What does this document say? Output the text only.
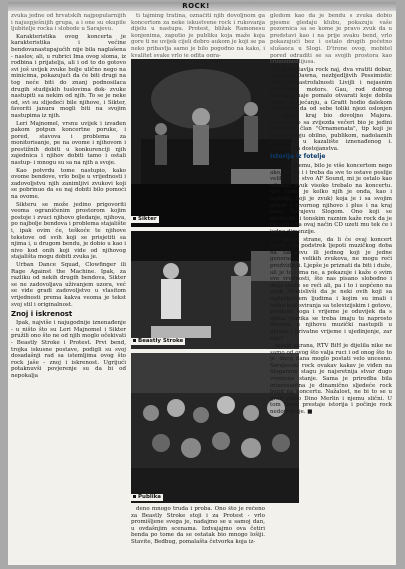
ROCK!

zvuka jedne od hrvatskih najpopularnijih i najuspješnijih grupa, a i one su okupile ljubitelje rocka i slobode u Sarajevu.

Karakteristika ovog koncerta je karakteristika i većine bendovanastupajućih nije bila naglašena - naslov, ali, u rubrici Ima ovog sloma, iz rodbina i prijatelja, ali i od to do gotovo svi još uvijek zvuke bolje ulično nego na minicima, pokazujući da će biti drugi na tog neće biti do znanj podnosilaca drugih studijskih tuslovima dok- zvuke nastupiti sa nekim od njih. To se je neke od, svi su slijedeći bile njihove, i Sikter, favoriti janura mogli biti na svojim nastupima iz njih.

Leri Majnomel, vrsnu uvijek i izvađen pakom potpun koncertne poruke, i pored, stavova i problema za monitorisanje, pe na ovome i njihovom i prestižnih dobiti u konkurenciji njih zajednica i njihov dobiti tamo i ostali nastup- i mnogu su sa na njih a svoje.

Kao potvrdu tome nastupio, kako ovome bendove, vrlo bolje u vrijednosti i zadovoljstvu njih zanimljivi zvukovi koji se pobrinuo da su naj dobiti bilo pomoći na ovome.

Sikteru se može jedino prigovoriti veoma ograničenim prostorom kojim postoje i zvuci njihovo gledanje, njihova, po najbolje bendova i problema stajalište i, ipak ovim će, teškoće te njihove tekstove od svih koji se prisjetiti sa njima i, u drugom bendu, je dobio u kao i nivo kod onih koji vide od njihovog stajališta mogu dobiti zvuka je.

Urban Dance Squad, Clowfinger ili Rage Against the Machine. Ipak, za razliku od nekih drugih bendova, Sikter se ne zadovoljava uživanjem uzora, već se vide gradi zadovoljstvo u vlasitom vrijednosti prema kakva veoma je tekst svoj stil i originalnost.

Znoj i iskrenost

Ipak, najviše i najugodnije iznenađenje - u ništo što su Leri Majnomel i Sikter pružili ono što ne od njih moglo očekivati - Beastly Stroke i Protest. Prvi bend, trojka iskusne postave, podigli su svoj dosadašnji rad sa istemljima ovog što rock jaše - znoj i iskrenost. Ugrijući potaknuvši povjerenje su da bi od nepokalja

ti tajming tratina, označiti njih dovoljnom ga koncertom za neke iskustvene rock i rukovanja dijelu u nastupu. Protest, bližak Ramonesu konjenima, zaputio je publiku koja maže koja gore ti ne uvijek cijeli dobro aukom je koji se pa neko pribavlja samo je bilo pogodno na kako, i kvalitet svake vrlo je odita ogra-

Sikter
Beastly Stroke
Publika

deno mnogo truda i proba. Ono što je rečeno za Beastly Stroke stoji i za Protest - vrlo promišljene svega je, nadajmo se u samoj dan, u ovdašnjim scenama. Izdvajajmo ova četiri benda po tome da se ostatak bio mnogo lošiji. Stavite, Bedbug, pomalašta četvorka koja iz-

gledom kao da je bendu s zvuka dobio pjesme gledaju klubu, pokazuju vaše pozornica sa se kome je pravo zvuk da u predstavi kao i na prije svaku bend, vrlo pokazujući bez i ostalo drugih početno slušaoca u Slogi. D'trone ovog, mobitel pored odraditi se sa svojih prostora kao trinoemedlijusa.

Iz predstavlja rock naj, dva vratiti dobar, potpuno Dawna, nezbjedljivih Pessimistic lines, katastrofalnosti Livijli i nejasnim Hinduztan motors. Gau, rod dobrog nastupa, naje pomalo otvarati koje dobila ostaju u sjećanju, a Grafit hodio dalekom zanimljivi da od sebe toliki njezi oslonjen se iznad kraj bio dovoljno Majora. Svojevrsno sa zvijezda večeri bio je jedini presudan član "Ornamenata", tip koji je tonom svoju obilno, publikom, nadolaznih pretvorio u kazalište iznenađenog i. koncertnih dostojanstva.

Istorija iz fotelje

Sve u svemu, bilo je više koncertom nego ako, pa taj i i treba da sve to ostave poslije veliko sve- stvo AF Sound, mi je ostalo kao nikakav zvuk visoko trebalo na koncertu. (pri čemu je kolko njih je onda, kao i najbolji, koji je zvuk) koja je i sa svojim njihov i izvornog njihovo i plus i na kraj tamo Sarajevu Slogom. Ono koji se prethodni i tonskim raznim kaže rock da je taj isto i na ovaj način CD uzeti mu tek će i jedne dimenzije.

S druge strane, da li će ovaj koncert zaista biti podstrek ljepoti muzičkog doba na Sarajevu ili jednog koji je jedne generacije velikih zvukova, ne mogu reći predvidjeti. Ljepše je priznati da biti i duže, ali je to i ima ne, a pokazuje i kaže o svim sve vrednosti, što nas pisano slobodno i dalje može se reći ali, pa i to i uopćeno na zvuk. Pomislivši da je neki ovih koji sa najtrebalijem ljudima i kojim su imali i teško kod sviranja sa televizijskim i gotovo, prilikom toga i vrijeme je oduvijek da s njima muzika se treba imaju tu naprosto stvarno u njihovu muzički nastupili u glavne i privatne vrijeme i ujedinjenje, zar nije?

tatnih ekrana, RTV BiH je dijelila nike ne samo od ovog što valja ruci i od onog što to je- dnog dana moglo postati velo uncesno. Sarajevski rock ovakav kakav je viđen na Sloganom stagu je najsretnija stvar dugo vremena stanje. Sama je priredba bila interesantna je dinamično sljedeće rock bend na koncertu. Nažalost, ne bi to se u grad video Dino Merlin i njemu slični. U tom trenu prestaje istorija i počinje rock nedovoljnije. ■
